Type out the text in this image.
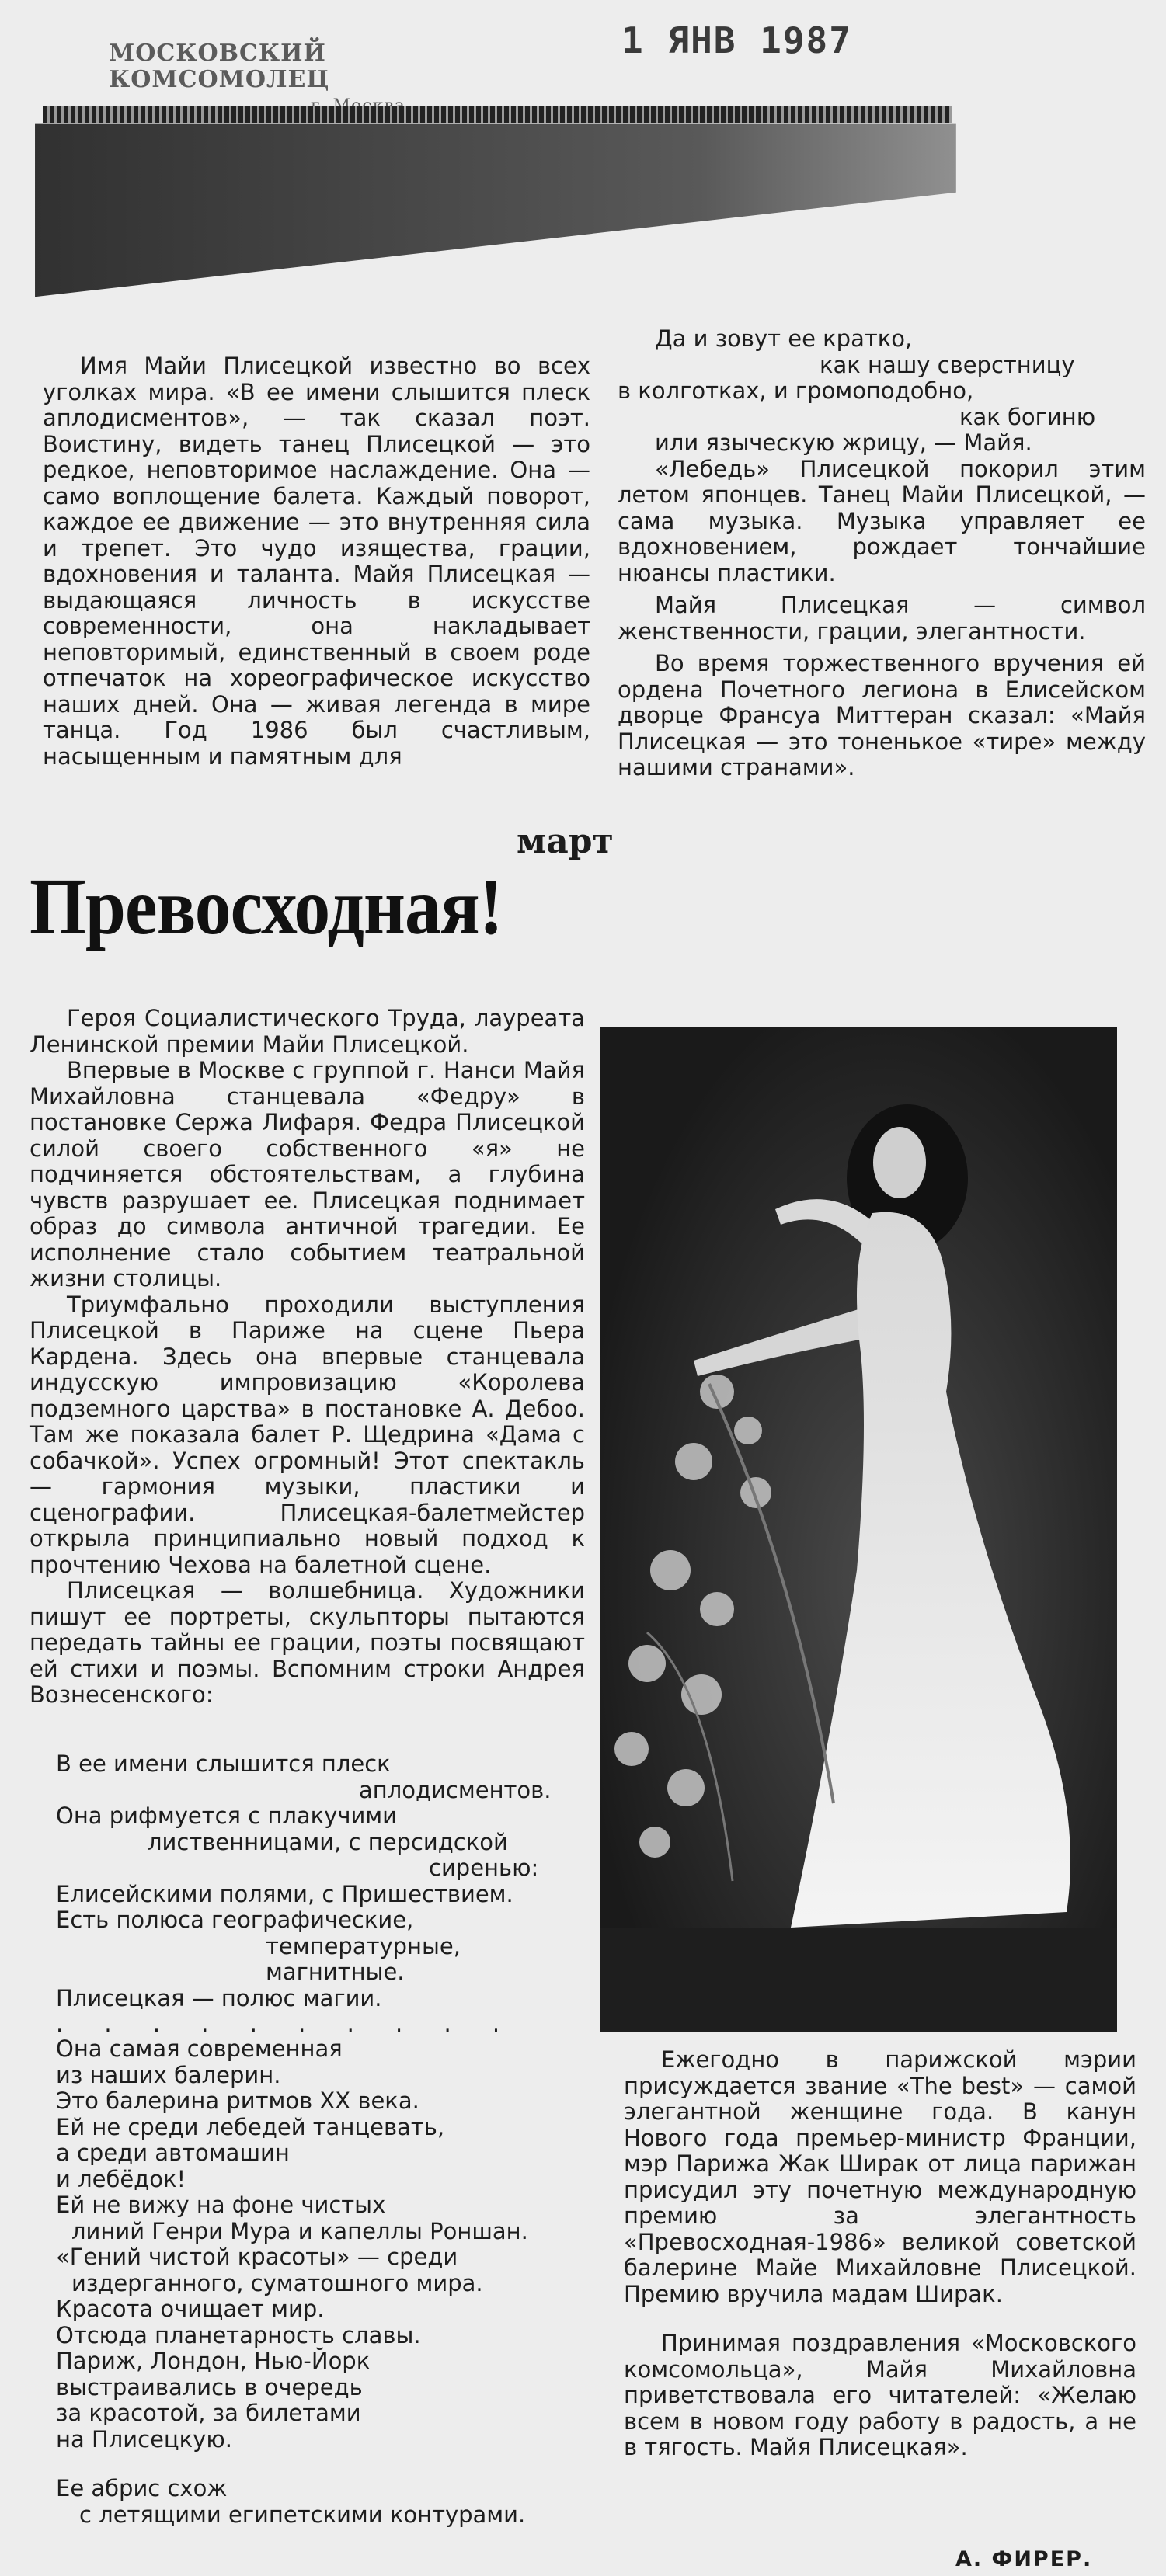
МОСКОВСКИЙ КОМСОМОЛЕЦ
1 ЯНВ 1987

Имя Майи Плисецкой известно во всех уголках мира. «В ее имени слышится плеск аплодисментов», — так сказал поэт. Воистину, видеть танец Плисецкой — это редкое, неповторимое наслаждение. Она — само воплощение балета. Каждый поворот, каждое ее движение — это внутренняя сила и трепет. Это чудо изящества, грации, вдохновения и таланта. Майя Плисецкая — выдающаяся личность в искусстве современности, она накладывает неповторимый, единственный в своем роде отпечаток на хореографическое искусство наших дней. Она — живая легенда в мире танца. Год 1986 был счастливым, насыщенным и памятным для

Да и зовут ее кратко,
как нашу сверстницу
в колготках, и громоподобно,
как богиню
или языческую жрицу, — Майя.

«Лебедь» Плисецкой покорил этим летом японцев. Танец Майи Плисецкой, — сама музыка. Музыка управляет ее вдохновением, рождает тончайшие нюансы пластики.

Майя Плисецкая — символ женственности, грации, элегантности.

Во время торжественного вручения ей ордена Почетного легиона в Елисейском дворце Франсуа Миттеран сказал: «Майя Плисецкая — это тоненькое «тире» между нашими странами».

март
Превосходная!

Героя Социалистического Труда, лауреата Ленинской премии Майи Плисецкой.

Впервые в Москве с группой г. Нанси Майя Михайловна станцевала «Федру» в постановке Сержа Лифаря. Федра Плисецкой силой своего собственного «я» не подчиняется обстоятельствам, а глубина чувств разрушает ее. Плисецкая поднимает образ до символа античной трагедии. Ее исполнение стало событием театральной жизни столицы.

Триумфально проходили выступления Плисецкой в Париже на сцене Пьера Кардена. Здесь она впервые станцевала индусскую импровизацию «Королева подземного царства» в постановке А. Дебоо. Там же показала балет Р. Щедрина «Дама с собачкой». Успех огромный! Этот спектакль — гармония музыки, пластики и сценографии. Плисецкая-балетмейстер открыла принципиально новый подход к прочтению Чехова на балетной сцене.

Плисецкая — волшебница. Художники пишут ее портреты, скульпторы пытаются передать тайны ее грации, поэты посвящают ей стихи и поэмы. Вспомним строки Андрея Вознесенского:

В ее имени слышится плеск
аплодисментов.
Она рифмуется с плакучими
лиственницами, с персидской
сиренью:
Елисейскими полями, с Пришествием.
Есть полюса географические,
температурные, магнитные.
Плисецкая — полюс магии.
. . . . . . . . . .
Она самая современная
из наших балерин.
Это балерина ритмов XX века.
Ей не среди лебедей танцевать,
а среди автомашин
и лебёдок!
Ей не вижу на фоне чистых
линий Генри Мура и капеллы Роншан.
«Гений чистой красоты» — среди
издерганного, суматошного мира.
Красота очищает мир.
Отсюда планетарность славы.
Париж, Лондон, Нью-Йорк
выстраивались в очередь
за красотой, за билетами
на Плисецкую.
Ее абрис схож
с летящими египетскими контурами.

Ежегодно в парижской мэрии присуждается звание «The best» — самой элегантной женщине года. В канун Нового года премьер-министр Франции, мэр Парижа Жак Ширак от лица парижан присудил эту почетную международную премию за элегантность «Превосходная-1986» великой советской балерине Майе Михайловне Плисецкой. Премию вручила мадам Ширак.

Принимая поздравления «Московского комсомольца», Майя Михайловна приветствовала его читателей: «Желаю всем в новом году работу в радость, а не в тягость. Майя Плисецкая».

А. ФИРЕР.
